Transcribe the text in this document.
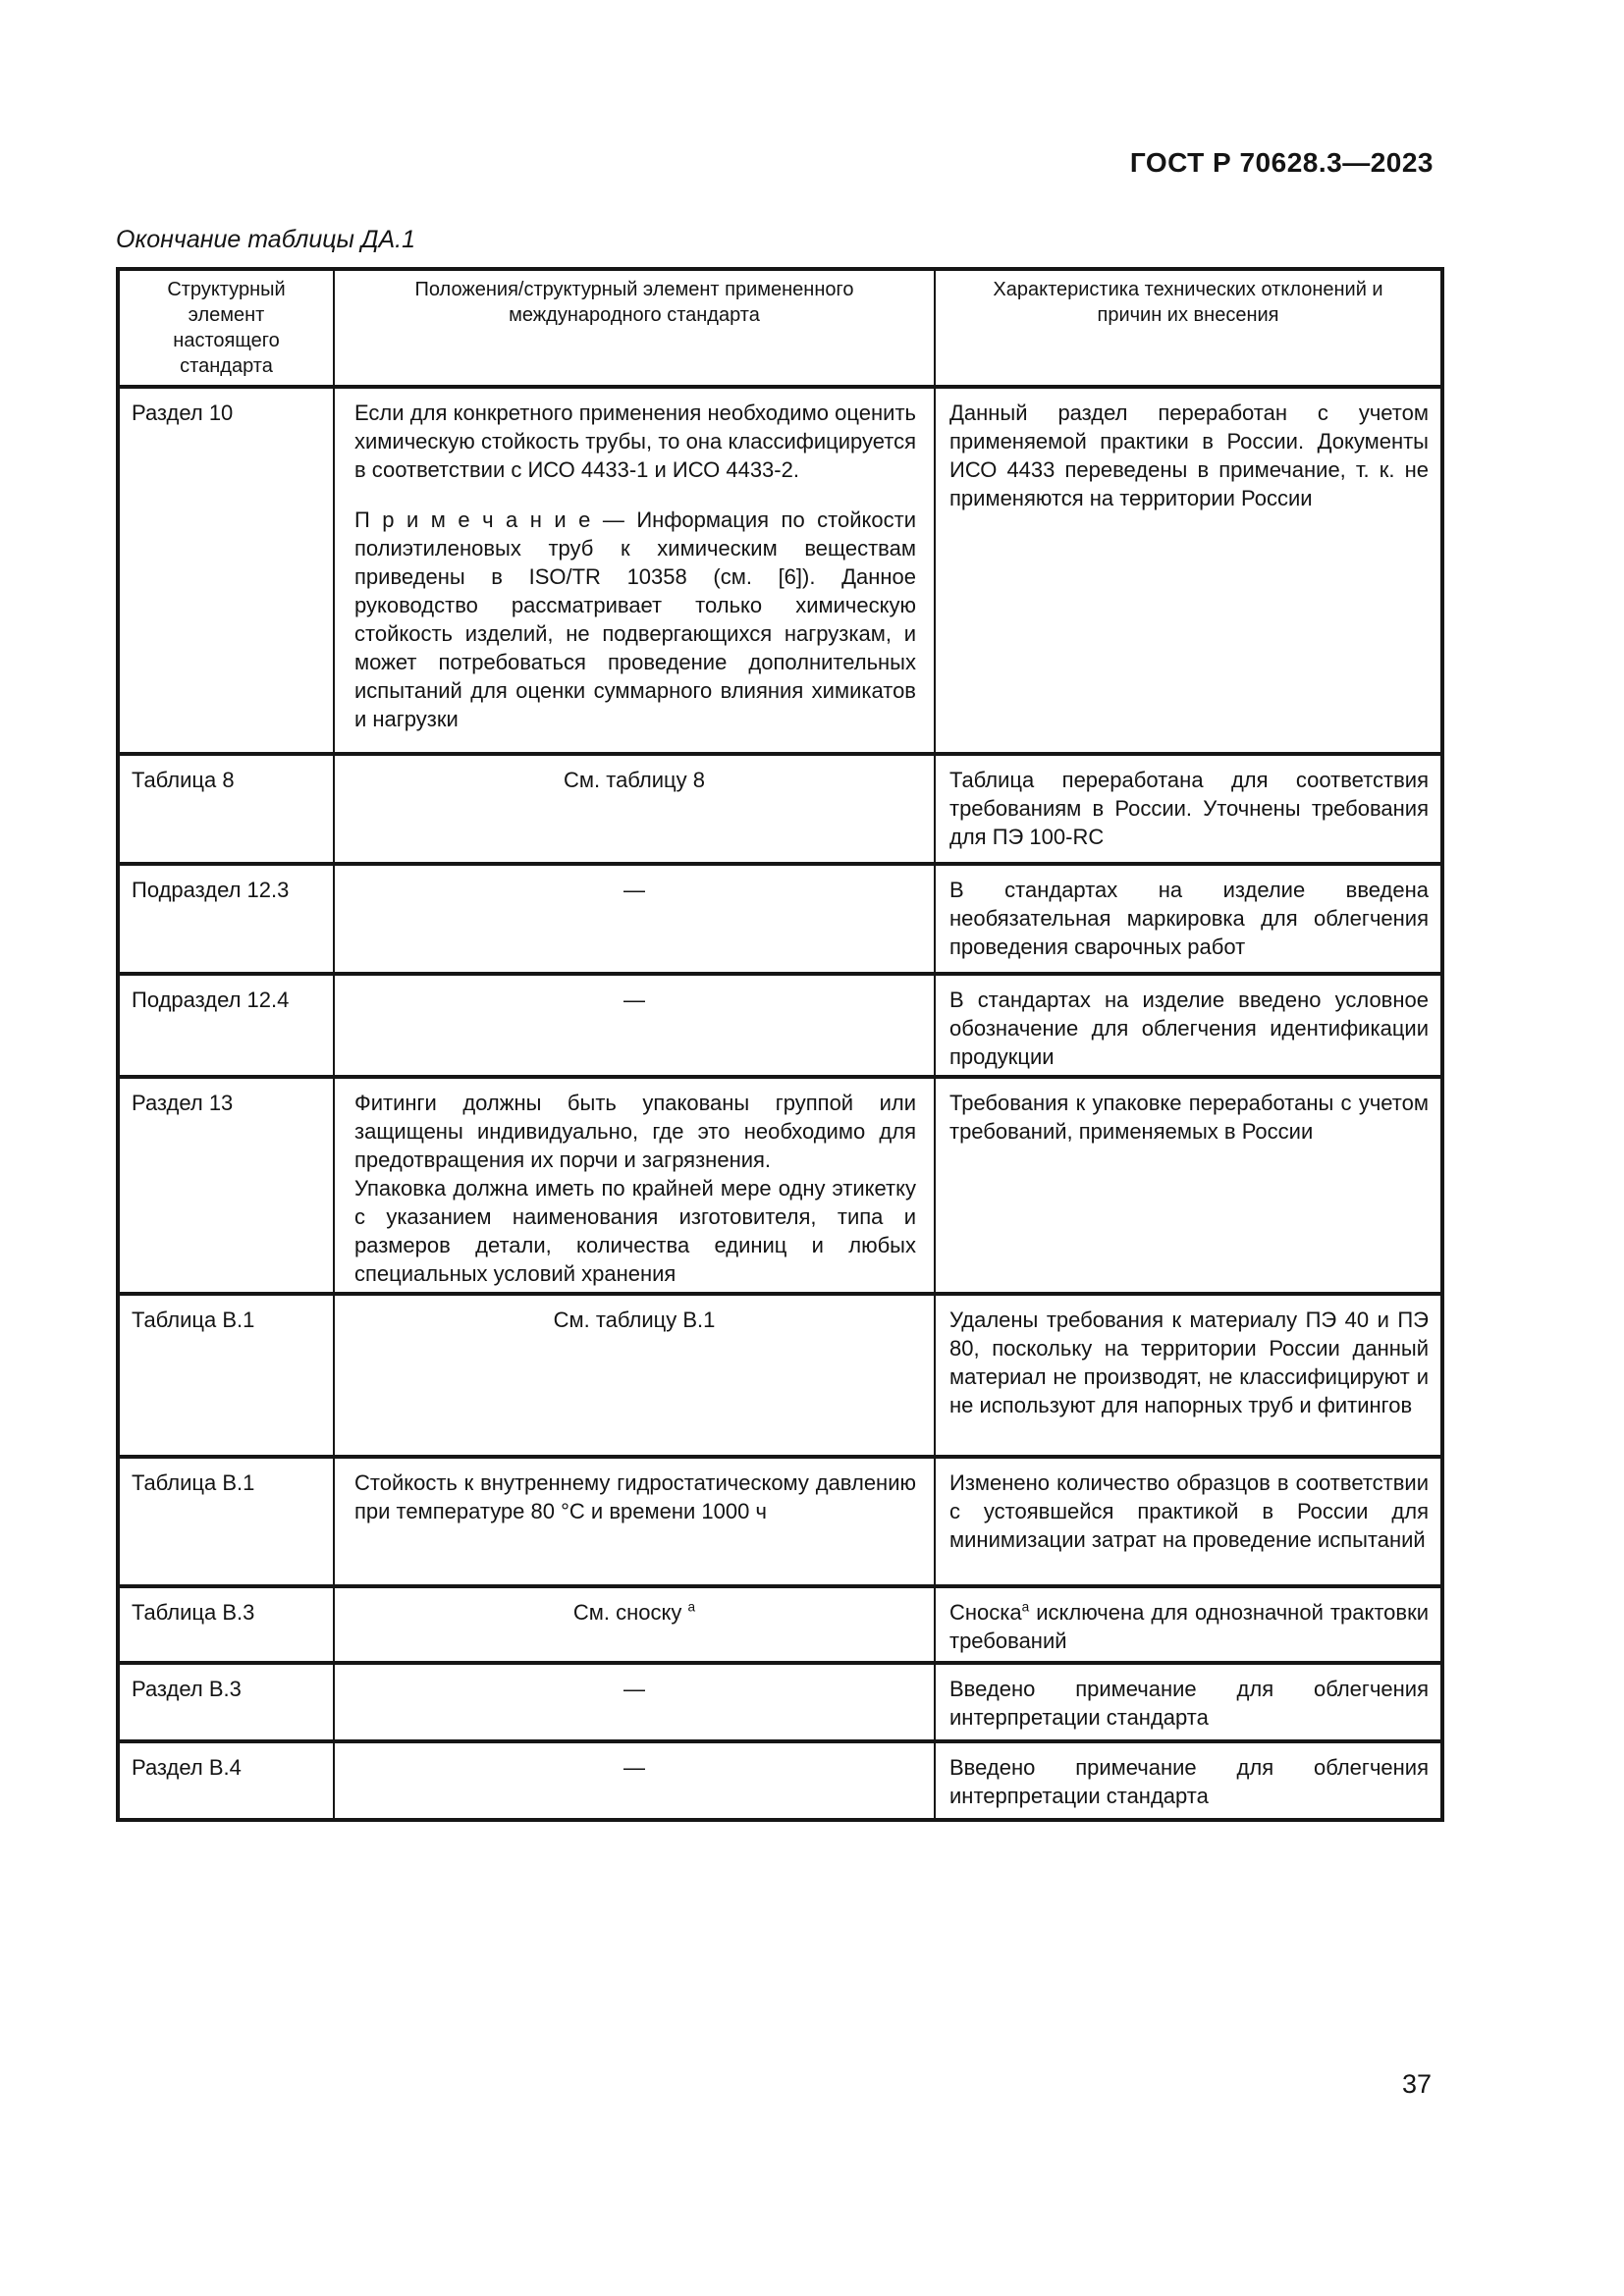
ГОСТ Р 70628.3—2023
Окончание таблицы ДА.1
Структурный элемент настоящего стандарта	Положения/структурный элемент примененного международного стандарта	Характеристика технических отклонений и причин их внесения
Раздел 10	Если для конкретного применения необходимо оценить химическую стойкость трубы, то она классифицируется в соответствии с ИСО 4433-1 и ИСО 4433-2.

П р и м е ч а н и е — Информация по стойкости полиэтиленовых труб к химическим веществам приведены в ISO/TR 10358 (см. [6]). Данное руководство рассматривает только химическую стойкость изделий, не подвергающихся нагрузкам, и может потребоваться проведение дополнительных испытаний для оценки суммарного влияния химикатов и нагрузки	Данный раздел переработан с учетом применяемой практики в России. Документы ИСО 4433 переведены в примечание, т. к. не применяются на территории России
Таблица 8	См. таблицу 8	Таблица переработана для соответствия требованиям в России. Уточнены требования для ПЭ 100-RC
Подраздел 12.3	—	В стандартах на изделие введена необязательная маркировка для облегчения проведения сварочных работ
Подраздел 12.4	—	В стандартах на изделие введено условное обозначение для облегчения идентификации продукции
Раздел 13	Фитинги должны быть упакованы группой или защищены индивидуально, где это необходимо для предотвращения их порчи и загрязнения.

Упаковка должна иметь по крайней мере одну этикетку с указанием наименования изготовителя, типа и размеров детали, количества единиц и любых специальных условий хранения	Требования к упаковке переработаны с учетом требований, применяемых в России
Таблица В.1	См. таблицу В.1	Удалены требования к материалу ПЭ 40 и ПЭ 80, поскольку на территории России данный материал не производят, не классифицируют и не используют для напорных труб и фитингов
Таблица В.1	Стойкость к внутреннему гидростатическому давлению при температуре 80 °С и времени 1000 ч	Изменено количество образцов в соответствии с устоявшейся практикой в России для минимизации затрат на проведение испытаний
Таблица В.3	См. сноску $^а$	Сноска$^а$ исключена для однозначной трактовки требований
Раздел В.3	—	Введено примечание для облегчения интерпретации стандарта
Раздел В.4	—	Введено примечание для облегчения интерпретации стандарта
37
